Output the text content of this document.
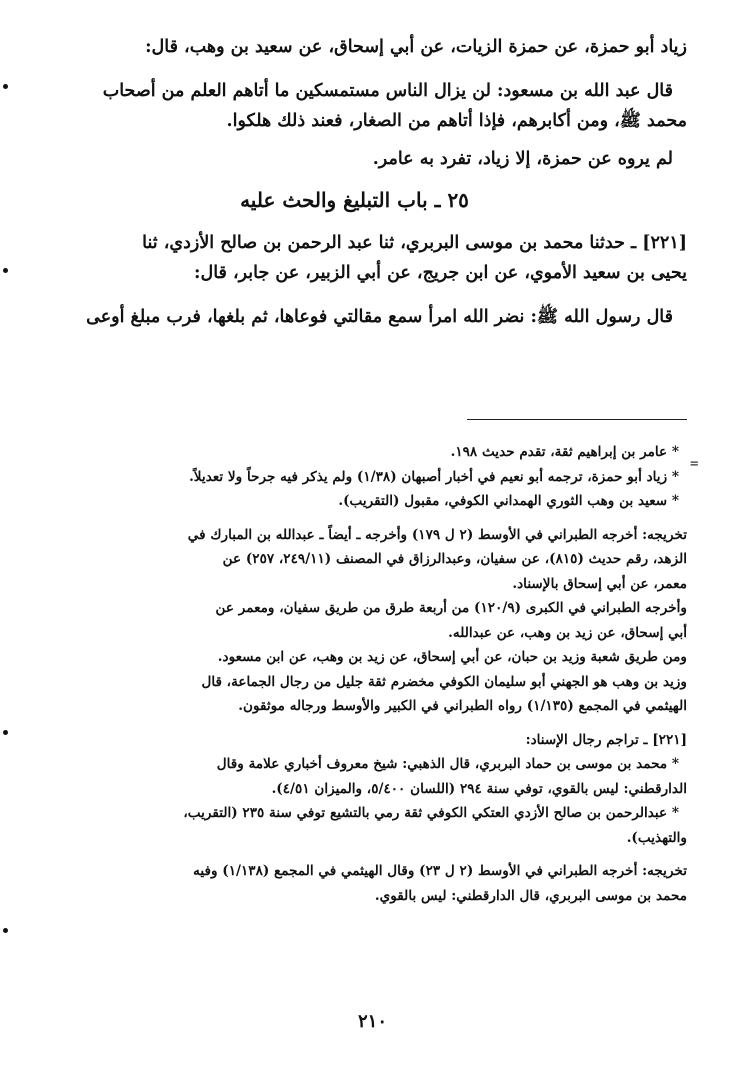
زياد أبو حمزة، عن حمزة الزيات، عن أبي إسحاق، عن سعيد بن وهب، قال:
قال عبد الله بن مسعود: لن يزال الناس مستمسكين ما أتاهم العلم من أصحاب
محمد ﷺ، ومن أكابرهم، فإذا أتاهم من الصغار، فعند ذلك هلكوا.
لم يروه عن حمزة، إلا زياد، تفرد به عامر.
٢٥ ـ باب التبليغ والحث عليه
[٢٢١] ـ حدثنا محمد بن موسى البربري، ثنا عبد الرحمن بن صالح الأزدي، ثنا
يحيى بن سعيد الأموي، عن ابن جريج، عن أبي الزبير، عن جابر، قال:
قال رسول الله ﷺ: نضر الله امرأ سمع مقالتي فوعاها، ثم بلغها، فرب مبلغ أوعى
* عامر بن إبراهيم ثقة، تقدم حديث ١٩٨.
* زياد أبو حمزة، ترجمه أبو نعيم في أخبار أصبهان (١/٣٨) ولم يذكر فيه جرحاً ولا تعديلاً.
* سعيد بن وهب الثوري الهمداني الكوفي، مقبول (التقريب).
تخريجه: أخرجه الطبراني في الأوسط (٢ ل ١٧٩) وأخرجه ـ أيضاً ـ عبدالله بن المبارك في
الزهد، رقم حديث (٨١٥)، عن سفيان، وعبدالرزاق في المصنف (٢٤٩/١١، ٢٥٧) عن
معمر، عن أبي إسحاق بالإسناد.
وأخرجه الطبراني في الكبرى (١٢٠/٩) من أربعة طرق من طريق سفيان، ومعمر عن
أبي إسحاق، عن زيد بن وهب، عن عبدالله.
ومن طريق شعبة وزيد بن حبان، عن أبي إسحاق، عن زيد بن وهب، عن ابن مسعود.
وزيد بن وهب هو الجهني أبو سليمان الكوفي مخضرم ثقة جليل من رجال الجماعة، قال
الهيثمي في المجمع (١/١٣٥) رواه الطبراني في الكبير والأوسط ورجاله موثقون.
[٢٢١] ـ تراجم رجال الإسناد:
* محمد بن موسى بن حماد البربري، قال الذهبي: شيخ معروف أخباري علامة وقال
الدارقطني: ليس بالقوي، توفي سنة ٢٩٤ (اللسان ٥/٤٠٠، والميزان ٤/٥١).
* عبدالرحمن بن صالح الأزدي العتكي الكوفي ثقة رمي بالتشيع توفي سنة ٢٣٥ (التقريب،
والتهذيب).
تخريجه: أخرجه الطبراني في الأوسط (٢ ل ٢٣) وقال الهيثمي في المجمع (١/١٣٨) وفيه
محمد بن موسى البربري، قال الدارقطني: ليس بالقوي.
٢١٠
=
